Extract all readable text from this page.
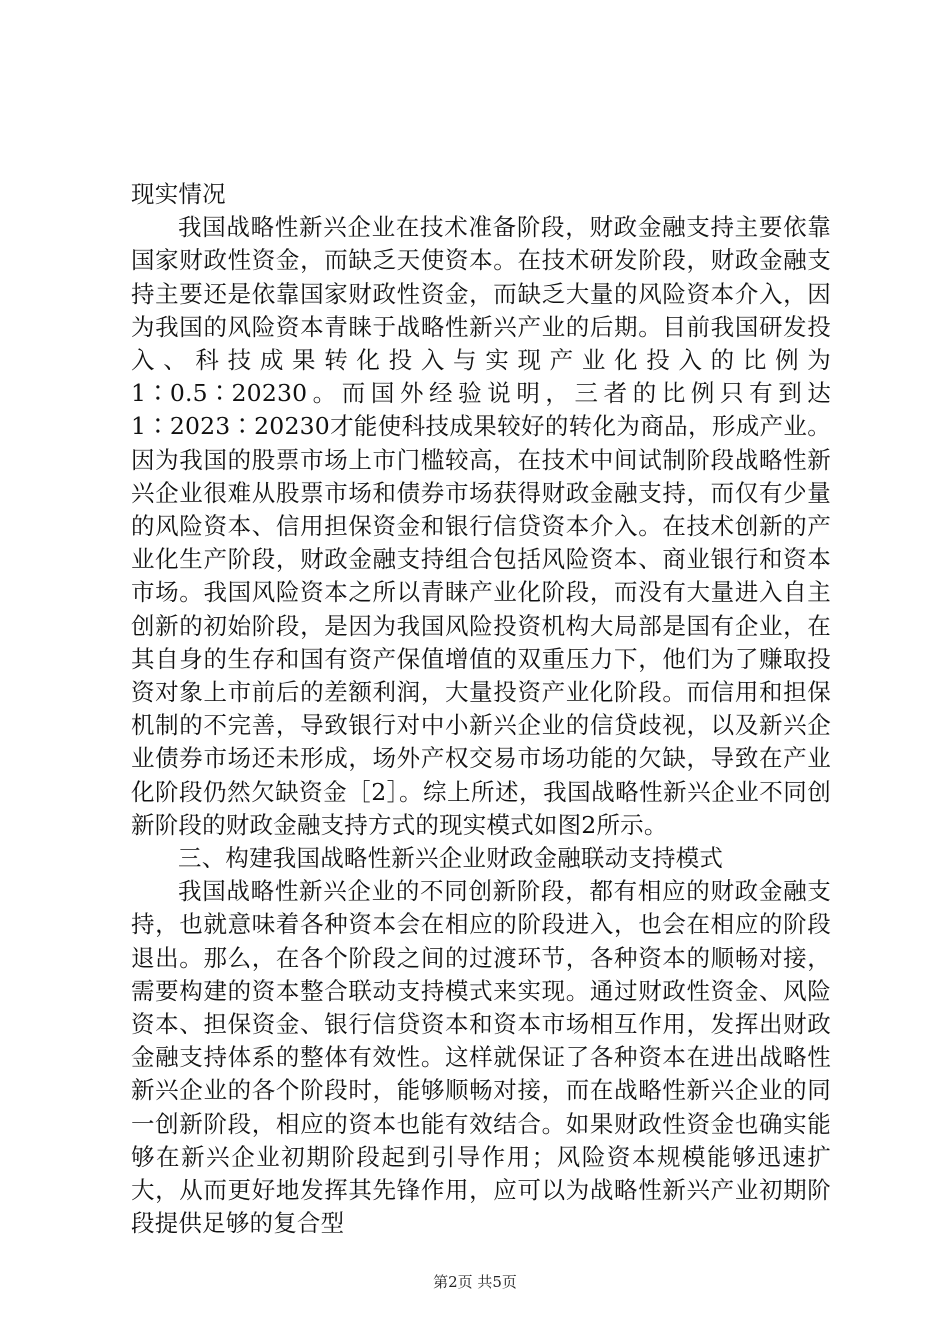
现实情况

我国战略性新兴企业在技术准备阶段，财政金融支持主要依靠国家财政性资金，而缺乏天使资本。在技术研发阶段，财政金融支持主要还是依靠国家财政性资金，而缺乏大量的风险资本介入，因为我国的风险资本青睐于战略性新兴产业的后期。目前我国研发投入、科技成果转化投入与实现产业化投入的比例为1∶0.5∶20230。而国外经验说明，三者的比例只有到达1∶2023∶20230才能使科技成果较好的转化为商品，形成产业。因为我国的股票市场上市门槛较高，在技术中间试制阶段战略性新兴企业很难从股票市场和债券市场获得财政金融支持，而仅有少量的风险资本、信用担保资金和银行信贷资本介入。在技术创新的产业化生产阶段，财政金融支持组合包括风险资本、商业银行和资本市场。我国风险资本之所以青睐产业化阶段，而没有大量进入自主创新的初始阶段，是因为我国风险投资机构大局部是国有企业，在其自身的生存和国有资产保值增值的双重压力下，他们为了赚取投资对象上市前后的差额利润，大量投资产业化阶段。而信用和担保机制的不完善，导致银行对中小新兴企业的信贷歧视，以及新兴企业债券市场还未形成，场外产权交易市场功能的欠缺，导致在产业化阶段仍然欠缺资金［2］。综上所述，我国战略性新兴企业不同创新阶段的财政金融支持方式的现实模式如图2所示。

三、构建我国战略性新兴企业财政金融联动支持模式

我国战略性新兴企业的不同创新阶段，都有相应的财政金融支持，也就意味着各种资本会在相应的阶段进入，也会在相应的阶段退出。那么，在各个阶段之间的过渡环节，各种资本的顺畅对接，需要构建的资本整合联动支持模式来实现。通过财政性资金、风险资本、担保资金、银行信贷资本和资本市场相互作用，发挥出财政金融支持体系的整体有效性。这样就保证了各种资本在进出战略性新兴企业的各个阶段时，能够顺畅对接，而在战略性新兴企业的同一创新阶段，相应的资本也能有效结合。如果财政性资金也确实能够在新兴企业初期阶段起到引导作用；风险资本规模能够迅速扩大，从而更好地发挥其先锋作用，应可以为战略性新兴产业初期阶段提供足够的复合型

第2页 共5页
